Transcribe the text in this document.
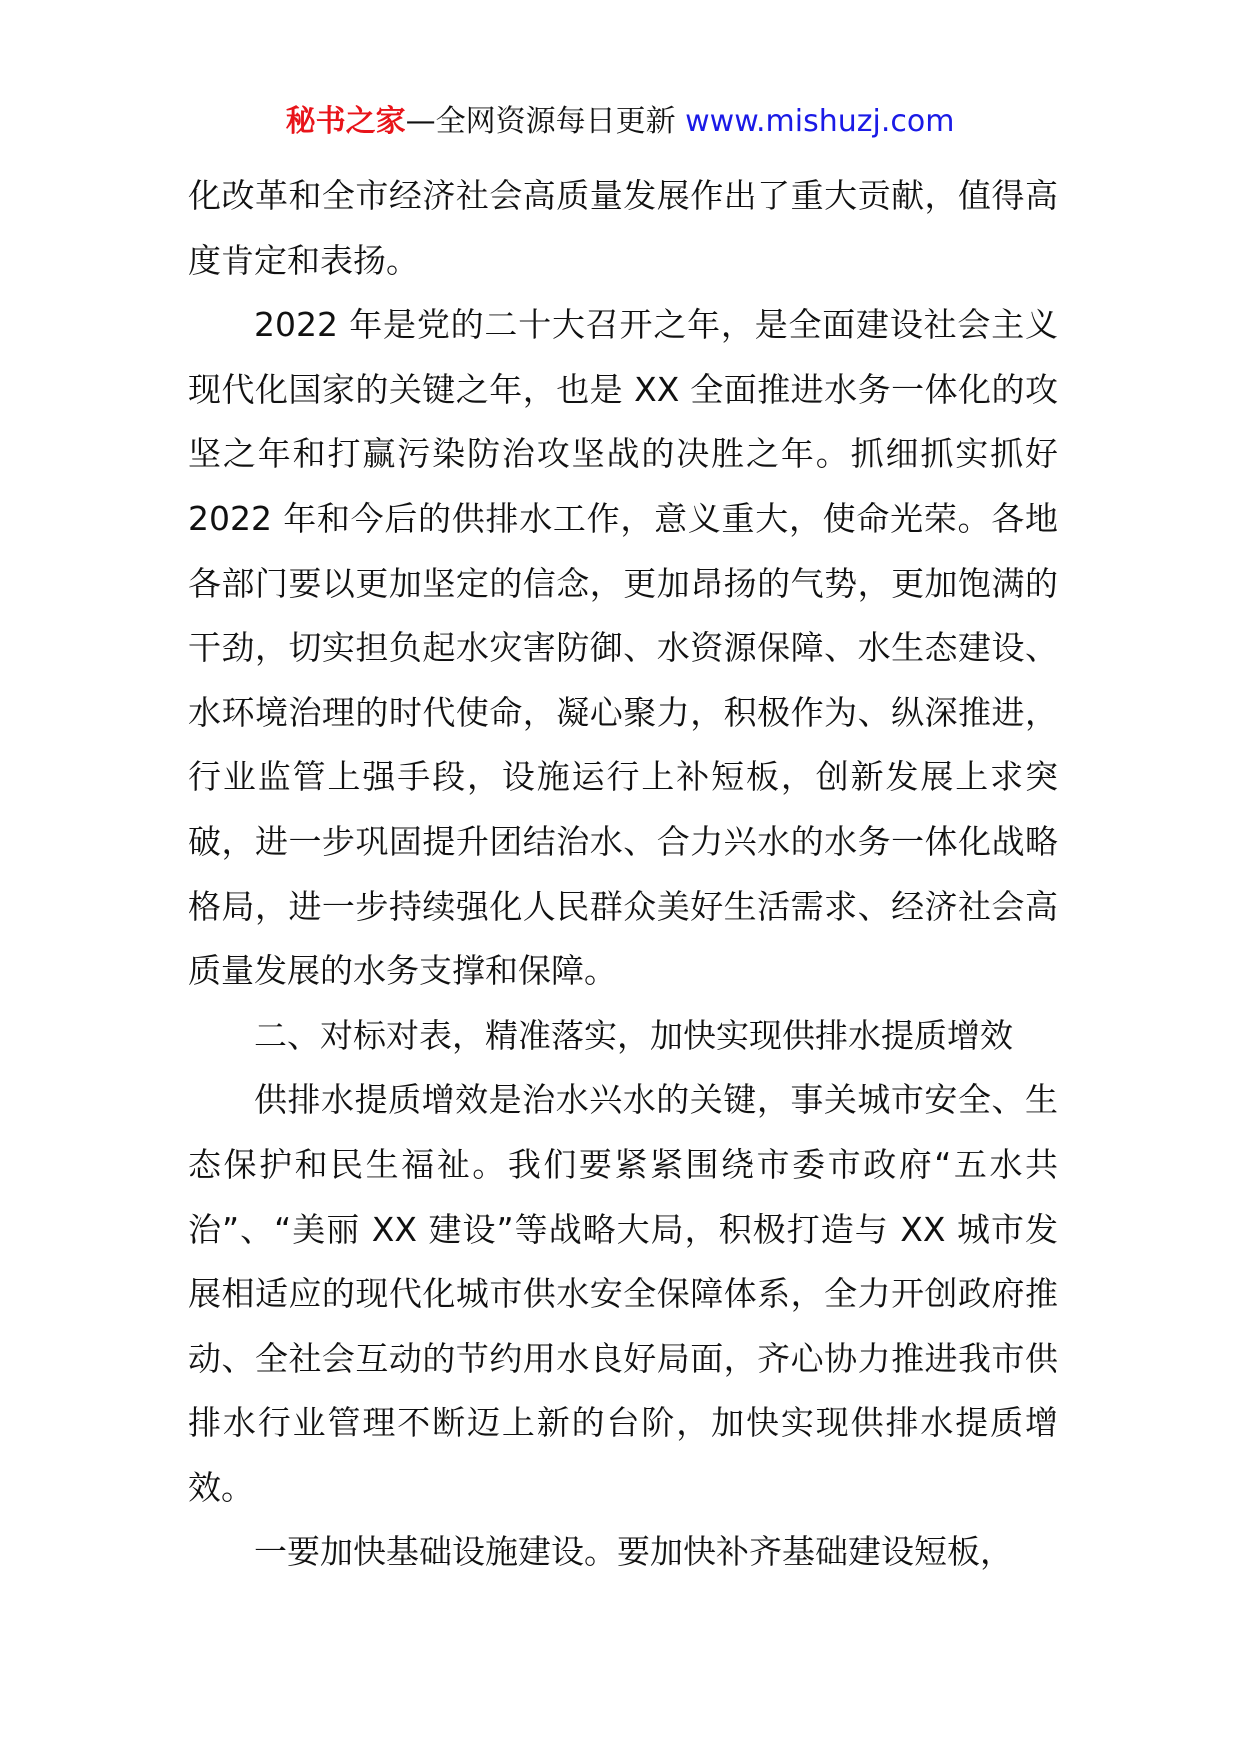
秘书之家—全网资源每日更新 www.mishuzj.com

化改革和全市经济社会高质量发展作出了重大贡献，值得高度肯定和表扬。

2022 年是党的二十大召开之年，是全面建设社会主义现代化国家的关键之年，也是 XX 全面推进水务一体化的攻坚之年和打赢污染防治攻坚战的决胜之年。抓细抓实抓好 2022 年和今后的供排水工作，意义重大，使命光荣。各地各部门要以更加坚定的信念，更加昂扬的气势，更加饱满的干劲，切实担负起水灾害防御、水资源保障、水生态建设、水环境治理的时代使命，凝心聚力，积极作为、纵深推进，行业监管上强手段，设施运行上补短板，创新发展上求突破，进一步巩固提升团结治水、合力兴水的水务一体化战略格局，进一步持续强化人民群众美好生活需求、经济社会高质量发展的水务支撑和保障。

二、对标对表，精准落实，加快实现供排水提质增效

供排水提质增效是治水兴水的关键，事关城市安全、生态保护和民生福祉。我们要紧紧围绕市委市政府“五水共治”、“美丽 XX 建设”等战略大局，积极打造与 XX 城市发展相适应的现代化城市供水安全保障体系，全力开创政府推动、全社会互动的节约用水良好局面，齐心协力推进我市供排水行业管理不断迈上新的台阶，加快实现供排水提质增效。

一要加快基础设施建设。要加快补齐基础建设短板，
